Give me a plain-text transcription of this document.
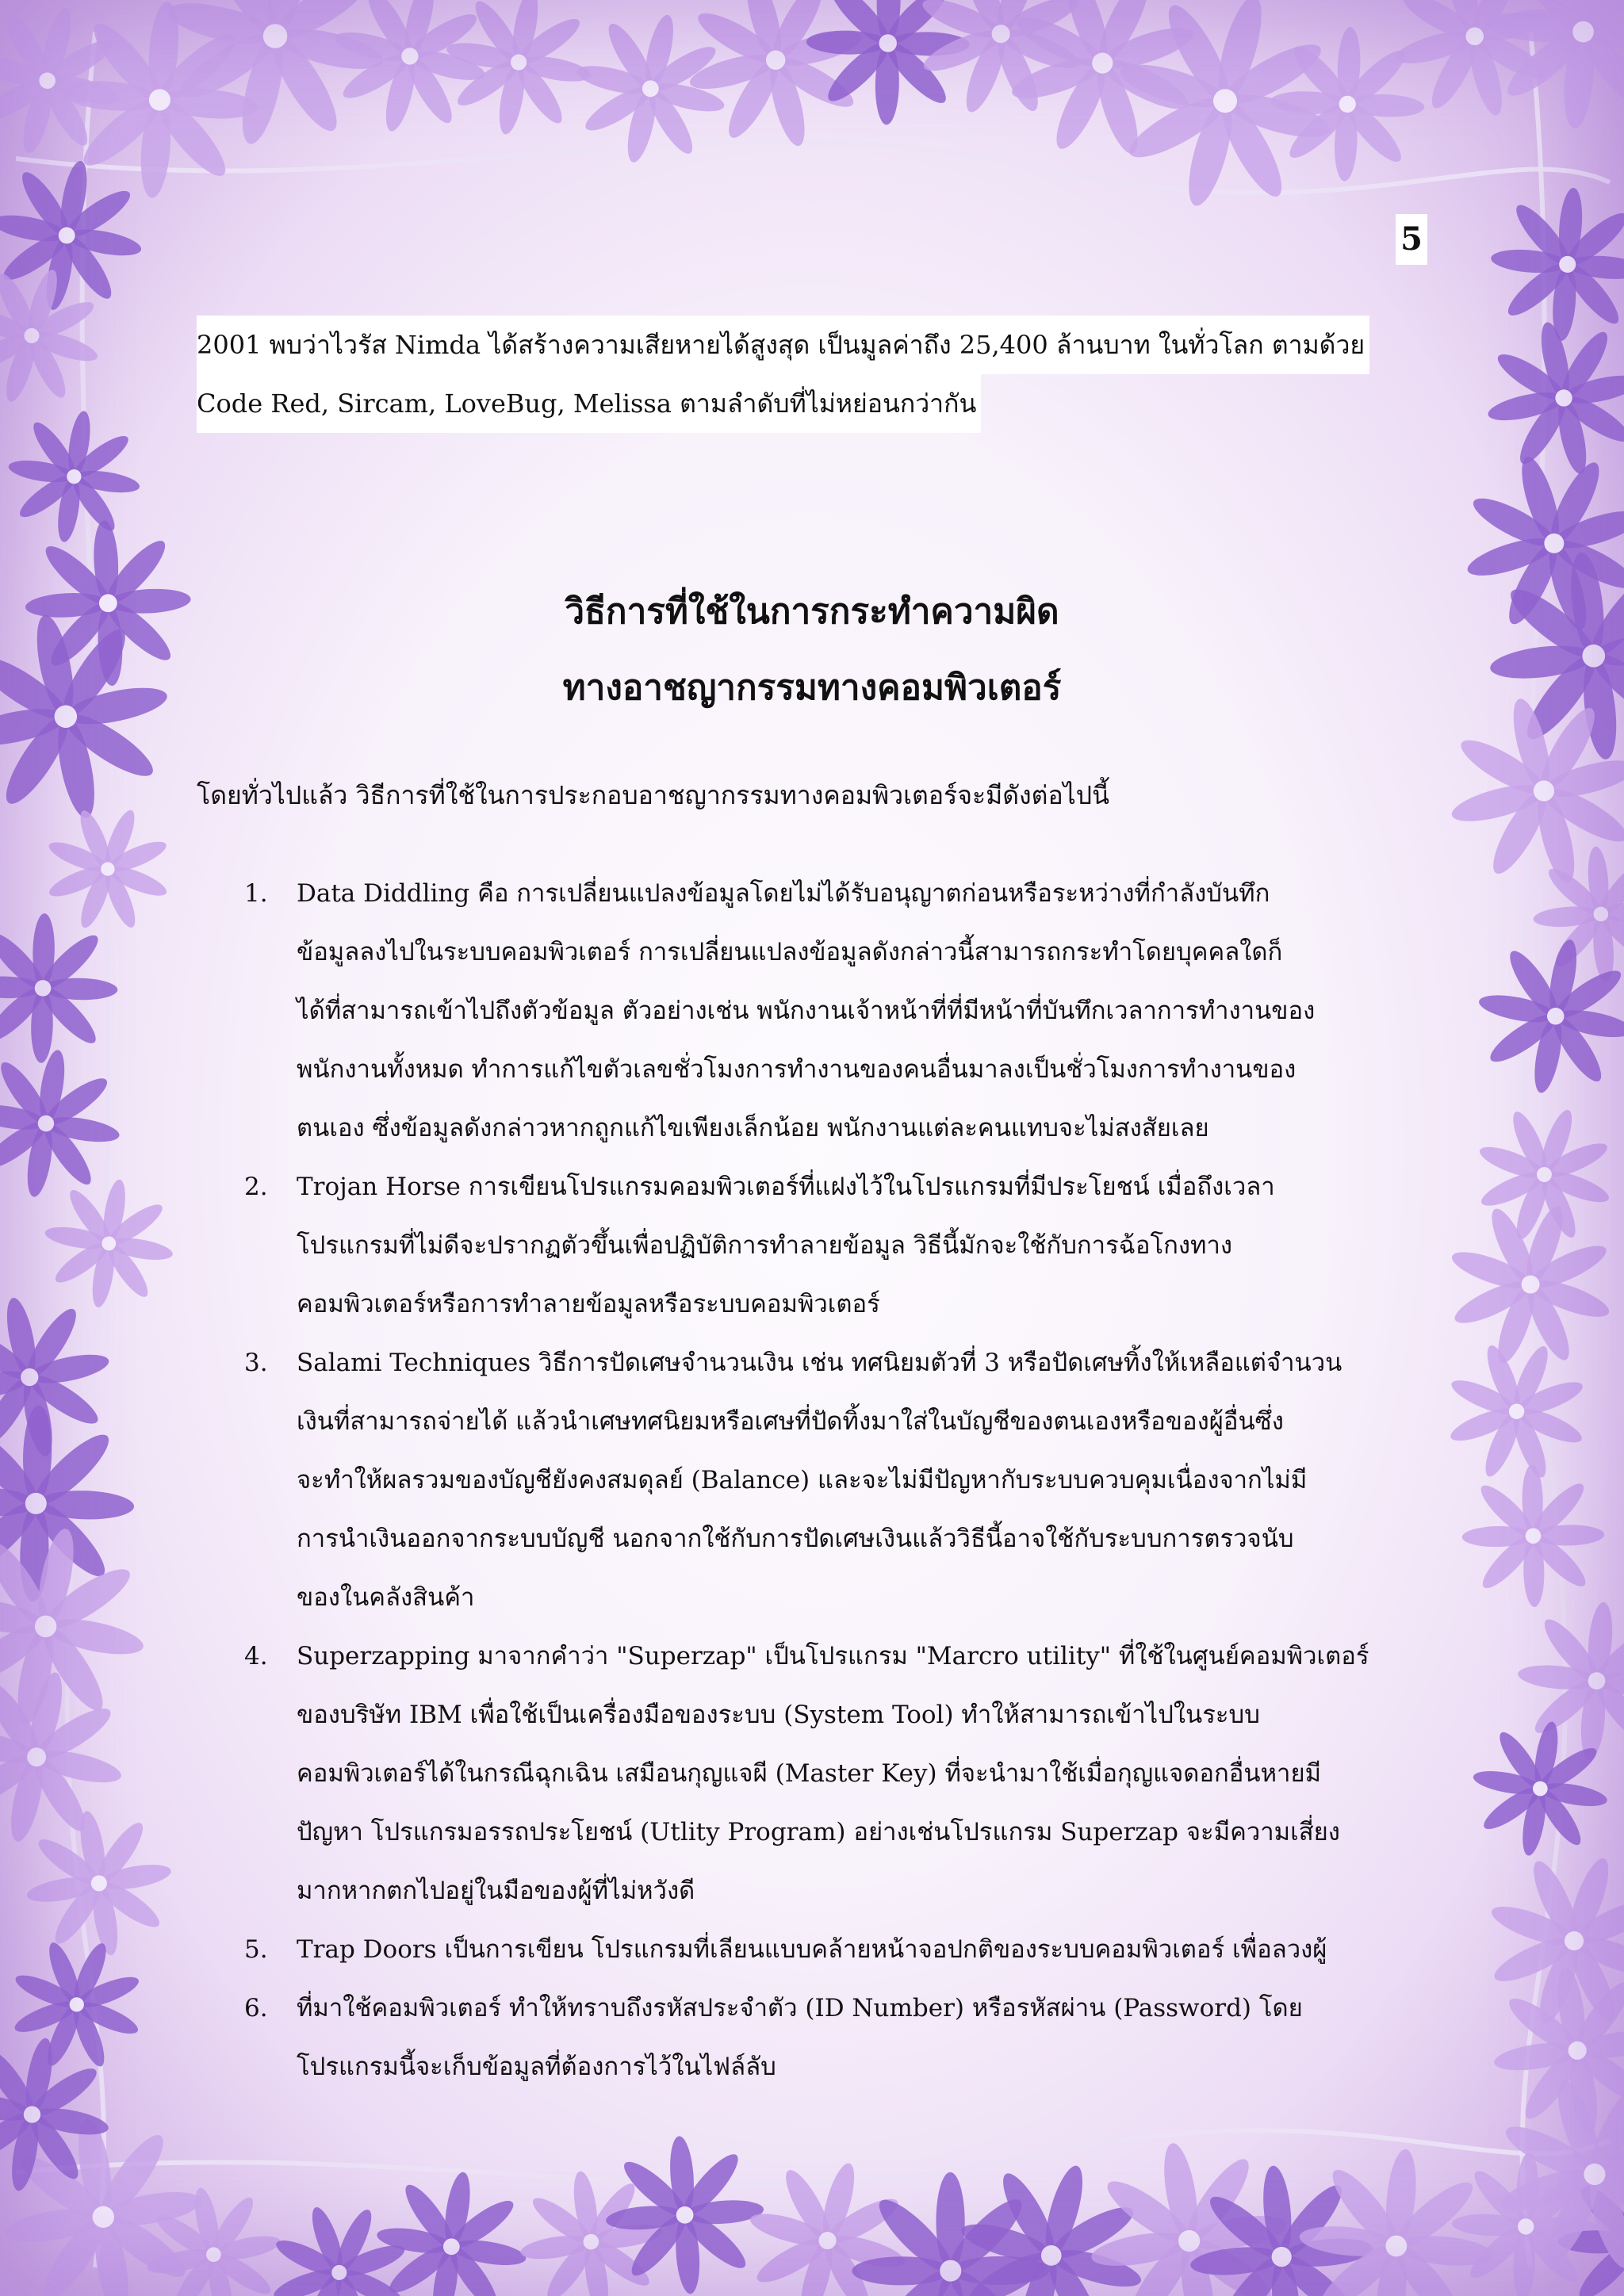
5

2001 พบว่าไวรัส Nimda ได้สร้างความเสียหายได้สูงสุด เป็นมูลค่าถึง 25,400 ล้านบาท ในทั่วโลก ตามด้วย

Code Red, Sircam, LoveBug, Melissa ตามลำดับที่ไม่หย่อนกว่ากัน

วิธีการที่ใช้ในการกระทำความผิด
ทางอาชญากรรมทางคอมพิวเตอร์
โดยทั่วไปแล้ว วิธีการที่ใช้ในการประกอบอาชญากรรมทางคอมพิวเตอร์จะมีดังต่อไปนี้
1. Data Diddling คือ การเปลี่ยนแปลงข้อมูลโดยไม่ได้รับอนุญาตก่อนหรือระหว่างที่กำลังบันทึก
ข้อมูลลงไปในระบบคอมพิวเตอร์ การเปลี่ยนแปลงข้อมูลดังกล่าวนี้สามารถกระทำโดยบุคคลใดก็
ได้ที่สามารถเข้าไปถึงตัวข้อมูล ตัวอย่างเช่น พนักงานเจ้าหน้าที่ที่มีหน้าที่บันทึกเวลาการทำงานของ
พนักงานทั้งหมด ทำการแก้ไขตัวเลขชั่วโมงการทำงานของคนอื่นมาลงเป็นชั่วโมงการทำงานของ
ตนเอง ซึ่งข้อมูลดังกล่าวหากถูกแก้ไขเพียงเล็กน้อย พนักงานแต่ละคนแทบจะไม่สงสัยเลย
2. Trojan Horse การเขียนโปรแกรมคอมพิวเตอร์ที่แฝงไว้ในโปรแกรมที่มีประโยชน์ เมื่อถึงเวลา
โปรแกรมที่ไม่ดีจะปรากฏตัวขึ้นเพื่อปฏิบัติการทำลายข้อมูล วิธีนี้มักจะใช้กับการฉ้อโกงทาง
คอมพิวเตอร์หรือการทำลายข้อมูลหรือระบบคอมพิวเตอร์
3. Salami Techniques วิธีการปัดเศษจำนวนเงิน เช่น ทศนิยมตัวที่ 3 หรือปัดเศษทิ้งให้เหลือแต่จำนวน
เงินที่สามารถจ่ายได้ แล้วนำเศษทศนิยมหรือเศษที่ปัดทิ้งมาใส่ในบัญชีของตนเองหรือของผู้อื่นซึ่ง
จะทำให้ผลรวมของบัญชียังคงสมดุลย์ (Balance) และจะไม่มีปัญหากับระบบควบคุมเนื่องจากไม่มี
การนำเงินออกจากระบบบัญชี นอกจากใช้กับการปัดเศษเงินแล้ววิธีนี้อาจใช้กับระบบการตรวจนับ
ของในคลังสินค้า
4. Superzapping มาจากคำว่า "Superzap" เป็นโปรแกรม "Marcro utility" ที่ใช้ในศูนย์คอมพิวเตอร์
ของบริษัท IBM เพื่อใช้เป็นเครื่องมือของระบบ (System Tool) ทำให้สามารถเข้าไปในระบบ
คอมพิวเตอร์ได้ในกรณีฉุกเฉิน เสมือนกุญแจผี (Master Key) ที่จะนำมาใช้เมื่อกุญแจดอกอื่นหายมี
ปัญหา โปรแกรมอรรถประโยชน์ (Utlity Program) อย่างเช่นโปรแกรม Superzap จะมีความเสี่ยง
มากหากตกไปอยู่ในมือของผู้ที่ไม่หวังดี
5. Trap Doors เป็นการเขียน โปรแกรมที่เลียนแบบคล้ายหน้าจอปกติของระบบคอมพิวเตอร์ เพื่อลวงผู้
6. ที่มาใช้คอมพิวเตอร์ ทำให้ทราบถึงรหัสประจำตัว (ID Number) หรือรหัสผ่าน (Password) โดย
โปรแกรมนี้จะเก็บข้อมูลที่ต้องการไว้ในไฟล์ลับ
